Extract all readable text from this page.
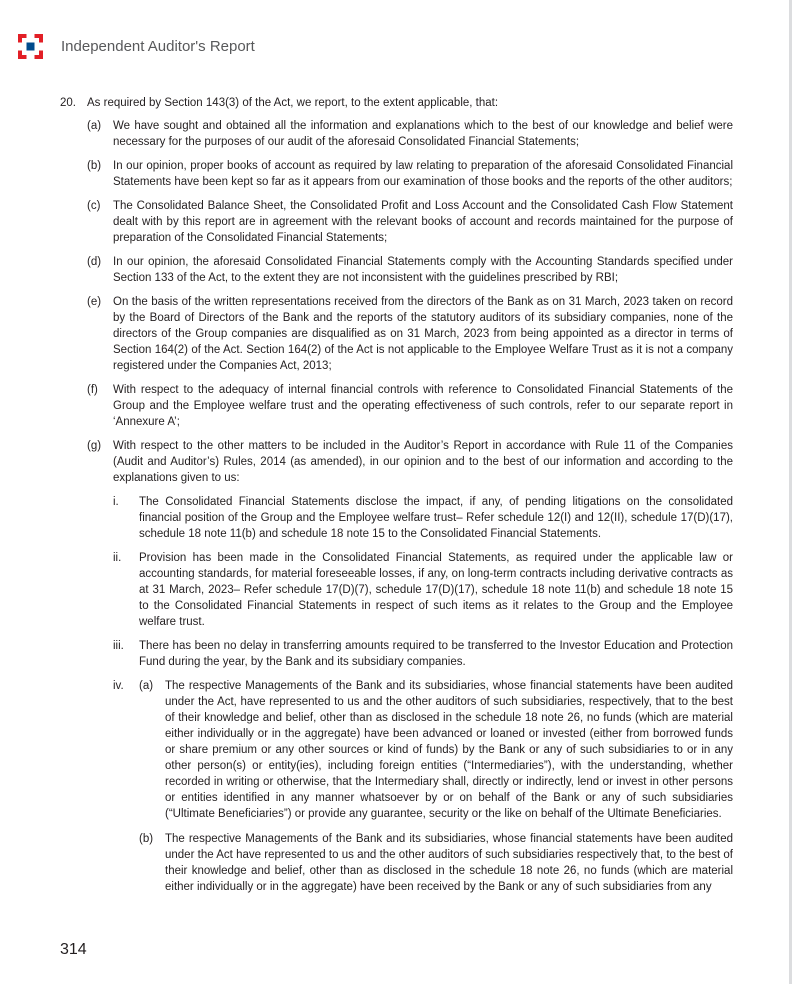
Independent Auditor's Report
20. As required by Section 143(3) of the Act, we report, to the extent applicable, that:
(a) We have sought and obtained all the information and explanations which to the best of our knowledge and belief were necessary for the purposes of our audit of the aforesaid Consolidated Financial Statements;
(b) In our opinion, proper books of account as required by law relating to preparation of the aforesaid Consolidated Financial Statements have been kept so far as it appears from our examination of those books and the reports of the other auditors;
(c) The Consolidated Balance Sheet, the Consolidated Profit and Loss Account and the Consolidated Cash Flow Statement dealt with by this report are in agreement with the relevant books of account and records maintained for the purpose of preparation of the Consolidated Financial Statements;
(d) In our opinion, the aforesaid Consolidated Financial Statements comply with the Accounting Standards specified under Section 133 of the Act, to the extent they are not inconsistent with the guidelines prescribed by RBI;
(e) On the basis of the written representations received from the directors of the Bank as on 31 March, 2023 taken on record by the Board of Directors of the Bank and the reports of the statutory auditors of its subsidiary companies, none of the directors of the Group companies are disqualified as on 31 March, 2023 from being appointed as a director in terms of Section 164(2) of the Act. Section 164(2) of the Act is not applicable to the Employee Welfare Trust as it is not a company registered under the Companies Act, 2013;
(f) With respect to the adequacy of internal financial controls with reference to Consolidated Financial Statements of the Group and the Employee welfare trust and the operating effectiveness of such controls, refer to our separate report in ‘Annexure A’;
(g) With respect to the other matters to be included in the Auditor’s Report in accordance with Rule 11 of the Companies (Audit and Auditor’s) Rules, 2014 (as amended), in our opinion and to the best of our information and according to the explanations given to us:
i. The Consolidated Financial Statements disclose the impact, if any, of pending litigations on the consolidated financial position of the Group and the Employee welfare trust– Refer schedule 12(I) and 12(II), schedule 17(D)(17), schedule 18 note 11(b) and schedule 18 note 15 to the Consolidated Financial Statements.
ii. Provision has been made in the Consolidated Financial Statements, as required under the applicable law or accounting standards, for material foreseeable losses, if any, on long-term contracts including derivative contracts as at 31 March, 2023– Refer schedule 17(D)(7), schedule 17(D)(17), schedule 18 note 11(b) and schedule 18 note 15 to the Consolidated Financial Statements in respect of such items as it relates to the Group and the Employee welfare trust.
iii. There has been no delay in transferring amounts required to be transferred to the Investor Education and Protection Fund during the year, by the Bank and its subsidiary companies.
iv. (a) The respective Managements of the Bank and its subsidiaries, whose financial statements have been audited under the Act, have represented to us and the other auditors of such subsidiaries, respectively, that to the best of their knowledge and belief, other than as disclosed in the schedule 18 note 26, no funds (which are material either individually or in the aggregate) have been advanced or loaned or invested (either from borrowed funds or share premium or any other sources or kind of funds) by the Bank or any of such subsidiaries to or in any other person(s) or entity(ies), including foreign entities (“Intermediaries”), with the understanding, whether recorded in writing or otherwise, that the Intermediary shall, directly or indirectly, lend or invest in other persons or entities identified in any manner whatsoever by or on behalf of the Bank or any of such subsidiaries (“Ultimate Beneficiaries”) or provide any guarantee, security or the like on behalf of the Ultimate Beneficiaries.
(b) The respective Managements of the Bank and its subsidiaries, whose financial statements have been audited under the Act have represented to us and the other auditors of such subsidiaries respectively that, to the best of their knowledge and belief, other than as disclosed in the schedule 18 note 26, no funds (which are material either individually or in the aggregate) have been received by the Bank or any of such subsidiaries from any
314
